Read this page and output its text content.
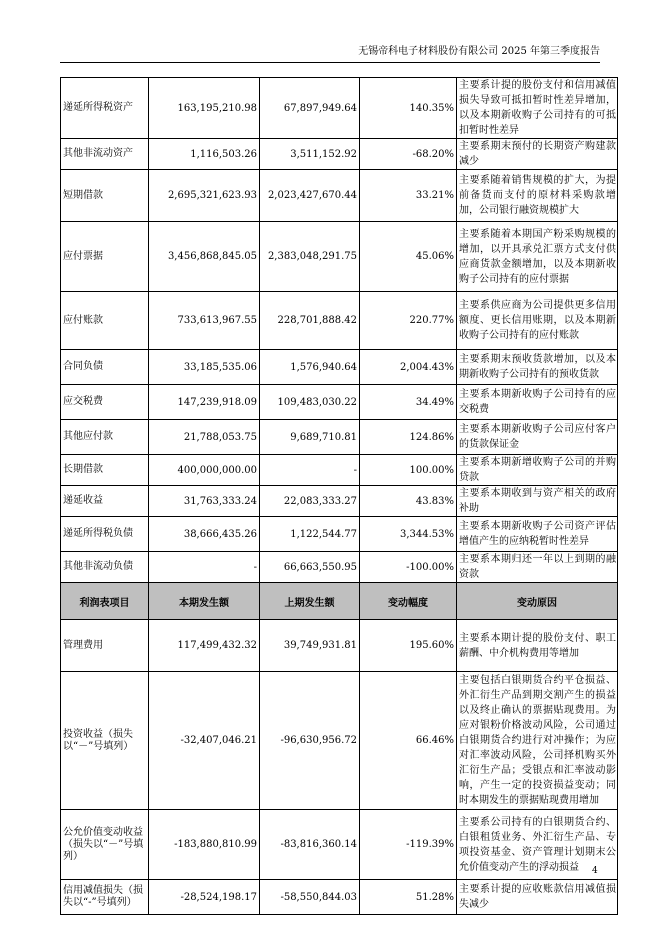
无锡帝科电子材料股份有限公司 2025 年第三季度报告
递延所得税资产	163,195,210.98	67,897,949.64	140.35%	主要系计提的股份支付和信用减值损失导致可抵扣暂时性差异增加，以及本期新收购子公司持有的可抵扣暂时性差异
其他非流动资产	1,116,503.26	3,511,152.92	-68.20%	主要系期末预付的长期资产购建款减少
短期借款	2,695,321,623.93	2,023,427,670.44	33.21%	主要系随着销售规模的扩大，为提前备货而支付的原材料采购款增加，公司银行融资规模扩大
应付票据	3,456,868,845.05	2,383,048,291.75	45.06%	主要系随着本期国产粉采购规模的增加，以开具承兑汇票方式支付供应商货款金额增加，以及本期新收购子公司持有的应付票据
应付账款	733,613,967.55	228,701,888.42	220.77%	主要系供应商为公司提供更多信用额度、更长信用账期，以及本期新收购子公司持有的应付账款
合同负债	33,185,535.06	1,576,940.64	2,004.43%	主要系期末预收货款增加，以及本期新收购子公司持有的预收货款
应交税费	147,239,918.09	109,483,030.22	34.49%	主要系本期新收购子公司持有的应交税费
其他应付款	21,788,053.75	9,689,710.81	124.86%	主要系本期新收购子公司应付客户的货款保证金
长期借款	400,000,000.00	-	100.00%	主要系本期新增收购子公司的并购贷款
递延收益	31,763,333.24	22,083,333.27	43.83%	主要系本期收到与资产相关的政府补助
递延所得税负债	38,666,435.26	1,122,544.77	3,344.53%	主要系本期新收购子公司资产评估增值产生的应纳税暂时性差异
其他非流动负债	-	66,663,550.95	-100.00%	主要系本期归还一年以上到期的融资款
利润表项目	本期发生额	上期发生额	变动幅度	变动原因
管理费用	117,499,432.32	39,749,931.81	195.60%	主要系本期计提的股份支付、职工薪酬、中介机构费用等增加
投资收益（损失以“－”号填列）	-32,407,046.21	-96,630,956.72	66.46%	主要包括白银期货合约平仓损益、外汇衍生产品到期交割产生的损益以及终止确认的票据贴现费用。为应对银粉价格波动风险，公司通过白银期货合约进行对冲操作；为应对汇率波动风险，公司择机购买外汇衍生产品；受银点和汇率波动影响，产生一定的投资损益变动；同时本期发生的票据贴现费用增加
公允价值变动收益（损失以“－”号填列）	-183,880,810.99	-83,816,360.14	-119.39%	主要系公司持有的白银期货合约、白银租赁业务、外汇衍生产品、专项投资基金、资产管理计划期末公允价值变动产生的浮动损益
信用减值损失（损失以“-”号填列）	-28,524,198.17	-58,550,844.03	51.28%	主要系计提的应收账款信用减值损失减少
4
